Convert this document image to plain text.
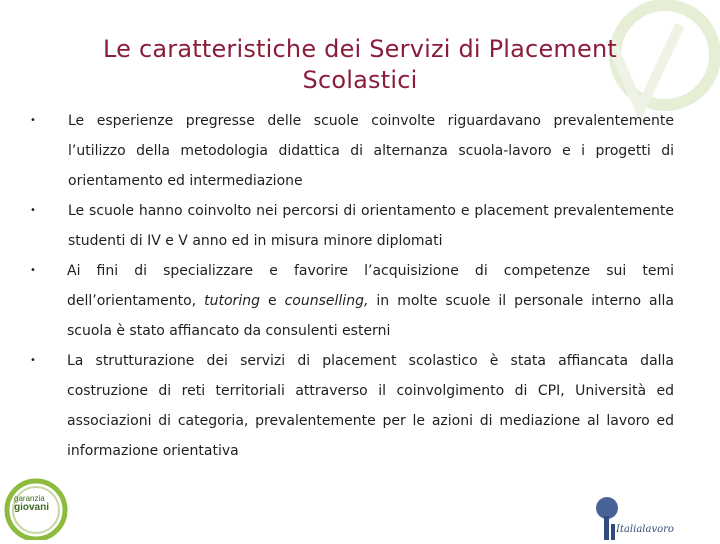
Le caratteristiche dei Servizi di Placement
Scolastici
• Le esperienze pregresse delle scuole coinvolte riguardavano prevalentemente l’utilizzo della metodologia didattica di alternanza scuola-lavoro e i progetti di orientamento ed intermediazione
• Le scuole hanno coinvolto nei percorsi di orientamento e placement prevalentemente studenti di IV e V anno ed in misura minore diplomati
• Ai fini di specializzare e favorire l’acquisizione di competenze sui temi dell’orientamento, tutoring e counselling, in molte scuole il personale interno alla scuola è stato affiancato da consulenti esterni
• La strutturazione dei servizi di placement scolastico è stata affiancata dalla costruzione di reti territoriali attraverso il coinvolgimento di CPI, Università ed associazioni di categoria, prevalentemente per le azioni di mediazione al lavoro ed informazione orientativa
garanzia
giovani
Italialavoro
